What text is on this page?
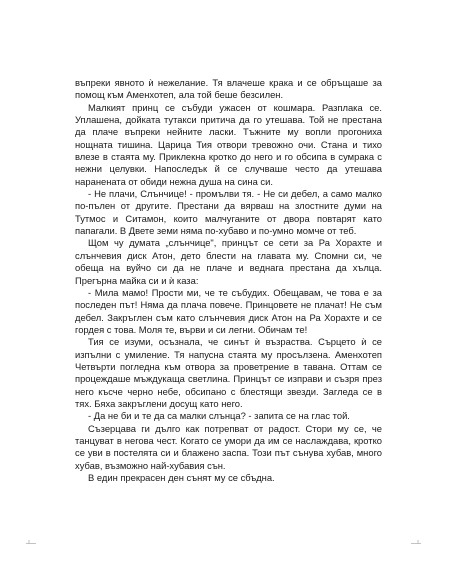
въпреки явното ѝ нежелание. Тя влачеше крака и се обръщаше за помощ към Аменхотеп, ала той беше безсилен.

Малкият принц се събуди ужасен от кошмара. Разплака се. Уплашена, дойката тутакси притича да го утешава. Той не престана да плаче въпреки нейните ласки. Тъжните му вопли прогониха нощната тишина. Царица Тия отвори тревожно очи. Стана и тихо влезе в стаята му. Приклекна кротко до него и го обсипа в сумрака с нежни целувки. Напоследък й се случваше често да утешава наранената от обиди нежна душа на сина си.

- Не плачи, Слънчице! - промълви тя. - Не си дебел, а само малко по-пълен от другите. Престани да вярваш на злостните думи на Тутмос и Ситамон, които малчуганите от двора повтарят като папагали. В Двете земи няма по-хубаво и по-умно момче от теб.

Щом чу думата „слънчице", принцът се сети за Ра Хорахте и слънчевия диск Атон, дето блести на главата му. Спомни си, че обеща на вуйчо си да не плаче и веднага престана да хълца. Прегърна майка си и ѝ каза:

- Мила мамо! Прости ми, че те събудих. Обещавам, че това е за последен път! Няма да плача повече. Принцовете не плачат! Не съм дебел. Закръглен съм като слънчевия диск Атон на Ра Хорахте и се гордея с това. Моля те, върви и си легни. Обичам те!

Тия се изуми, осъзнала, че синът ѝ възраства. Сърцето ѝ се изпълни с умиление. Тя напусна стаята му просълзена. Аменхотеп Четвърти погледна към отвора за проветрение в тавана. Оттам се процеждаше мъждукаща светлина. Принцът се изправи и съзря през него късче черно небе, обсипано с блестящи звезди. Загледа се в тях. Бяха закръглени досущ като него.

- Да не би и те да са малки слънца? - запита се на глас той.

Съзерцава ги дълго как потрепват от радост. Стори му се, че танцуват в негова чест. Когато се умори да им се наслаждава, кротко се уви в постелята си и блажено заспа. Този път сънува хубав, много хубав, възможно най-хубавия сън.

В един прекрасен ден сънят му се сбъдна.
